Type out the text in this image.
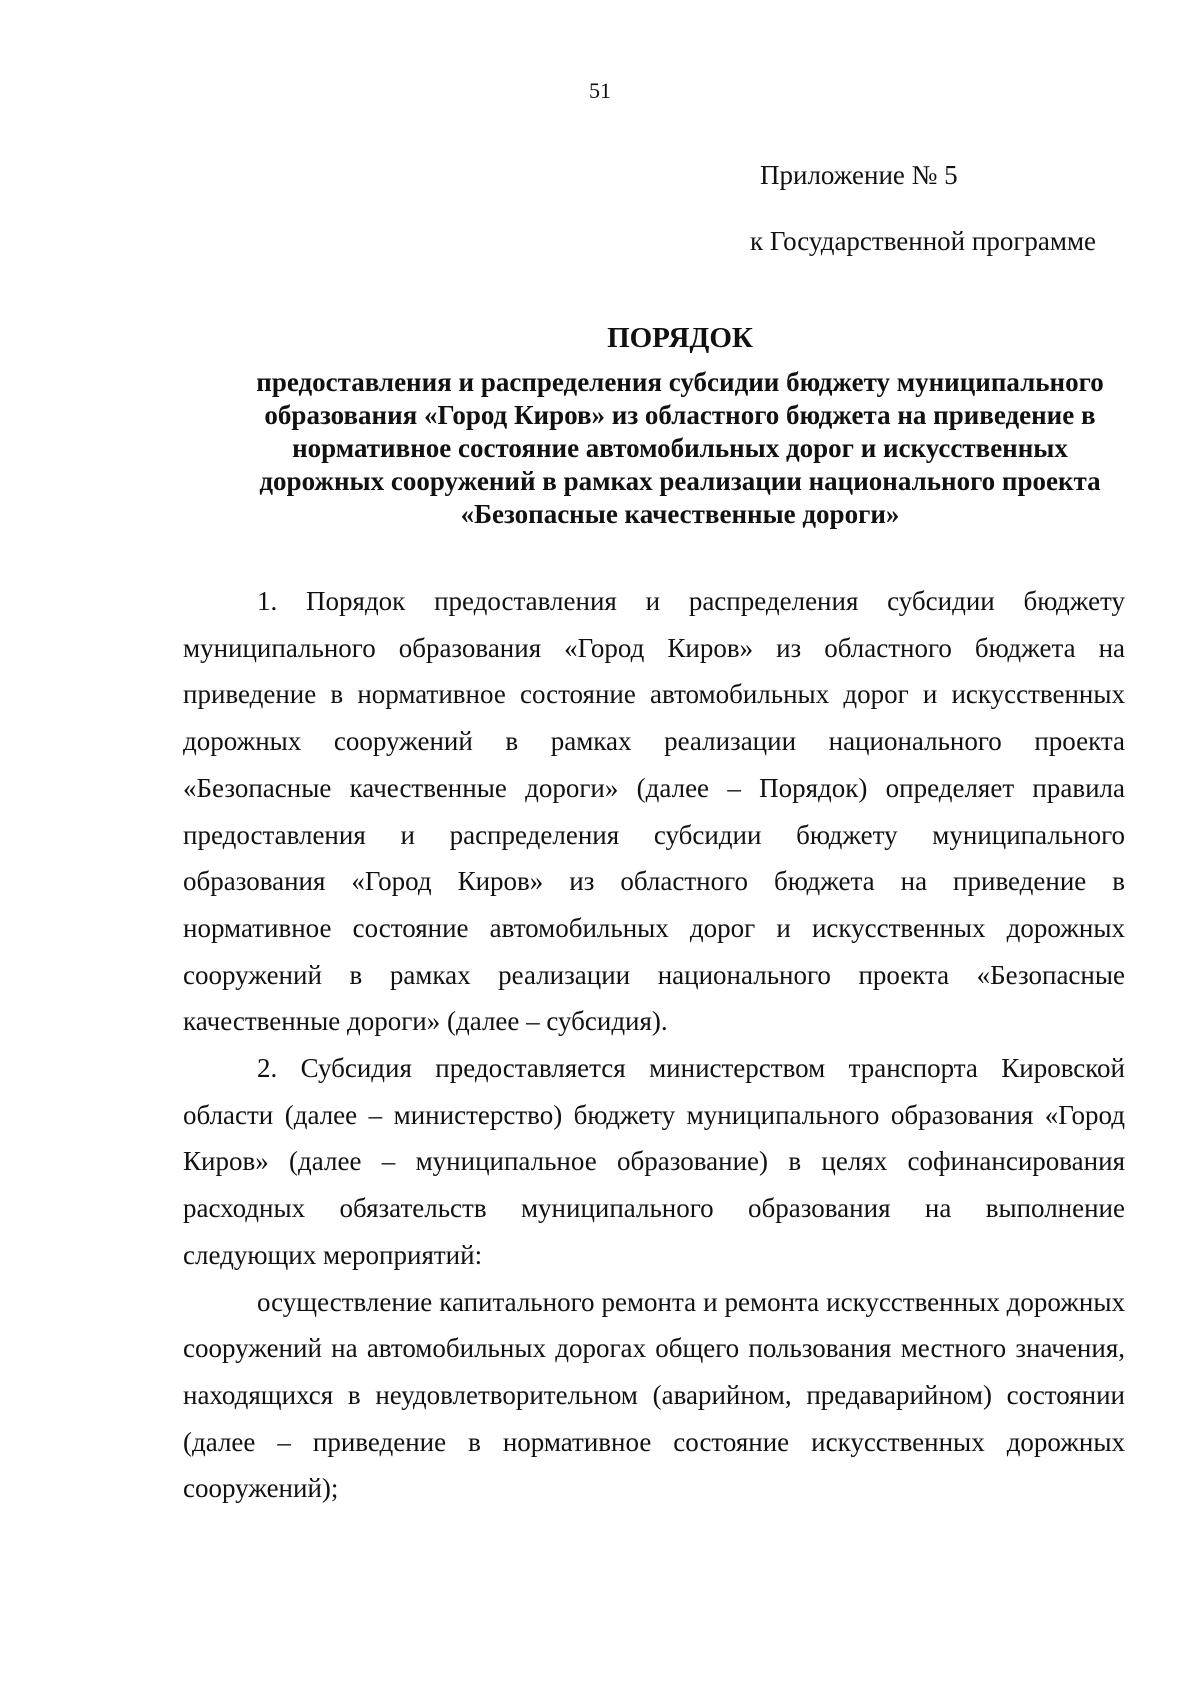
51
Приложение № 5
к Государственной программе
ПОРЯДОК
предоставления и распределения субсидии бюджету муниципального
образования «Город Киров» из областного бюджета на приведение в
нормативное состояние автомобильных дорог и искусственных
дорожных сооружений в рамках реализации национального проекта
«Безопасные качественные дороги»

1. Порядок предоставления и распределения субсидии бюджету муниципального образования «Город Киров» из областного бюджета на приведение в нормативное состояние автомобильных дорог и искусственных дорожных сооружений в рамках реализации национального проекта «Безопасные качественные дороги» (далее – Порядок) определяет правила предоставления и распределения субсидии бюджету муниципального образования «Город Киров» из областного бюджета на приведение в нормативное состояние автомобильных дорог и искусственных дорожных сооружений в рамках реализации национального проекта «Безопасные качественные дороги» (далее – субсидия).

2. Субсидия предоставляется министерством транспорта Кировской области (далее – министерство) бюджету муниципального образования «Город Киров» (далее – муниципальное образование) в целях софинансирования расходных обязательств муниципального образования на выполнение следующих мероприятий:

осуществление капитального ремонта и ремонта искусственных дорожных сооружений на автомобильных дорогах общего пользования местного значения, находящихся в неудовлетворительном (аварийном, предаварийном) состоянии (далее – приведение в нормативное состояние искусственных дорожных сооружений);
